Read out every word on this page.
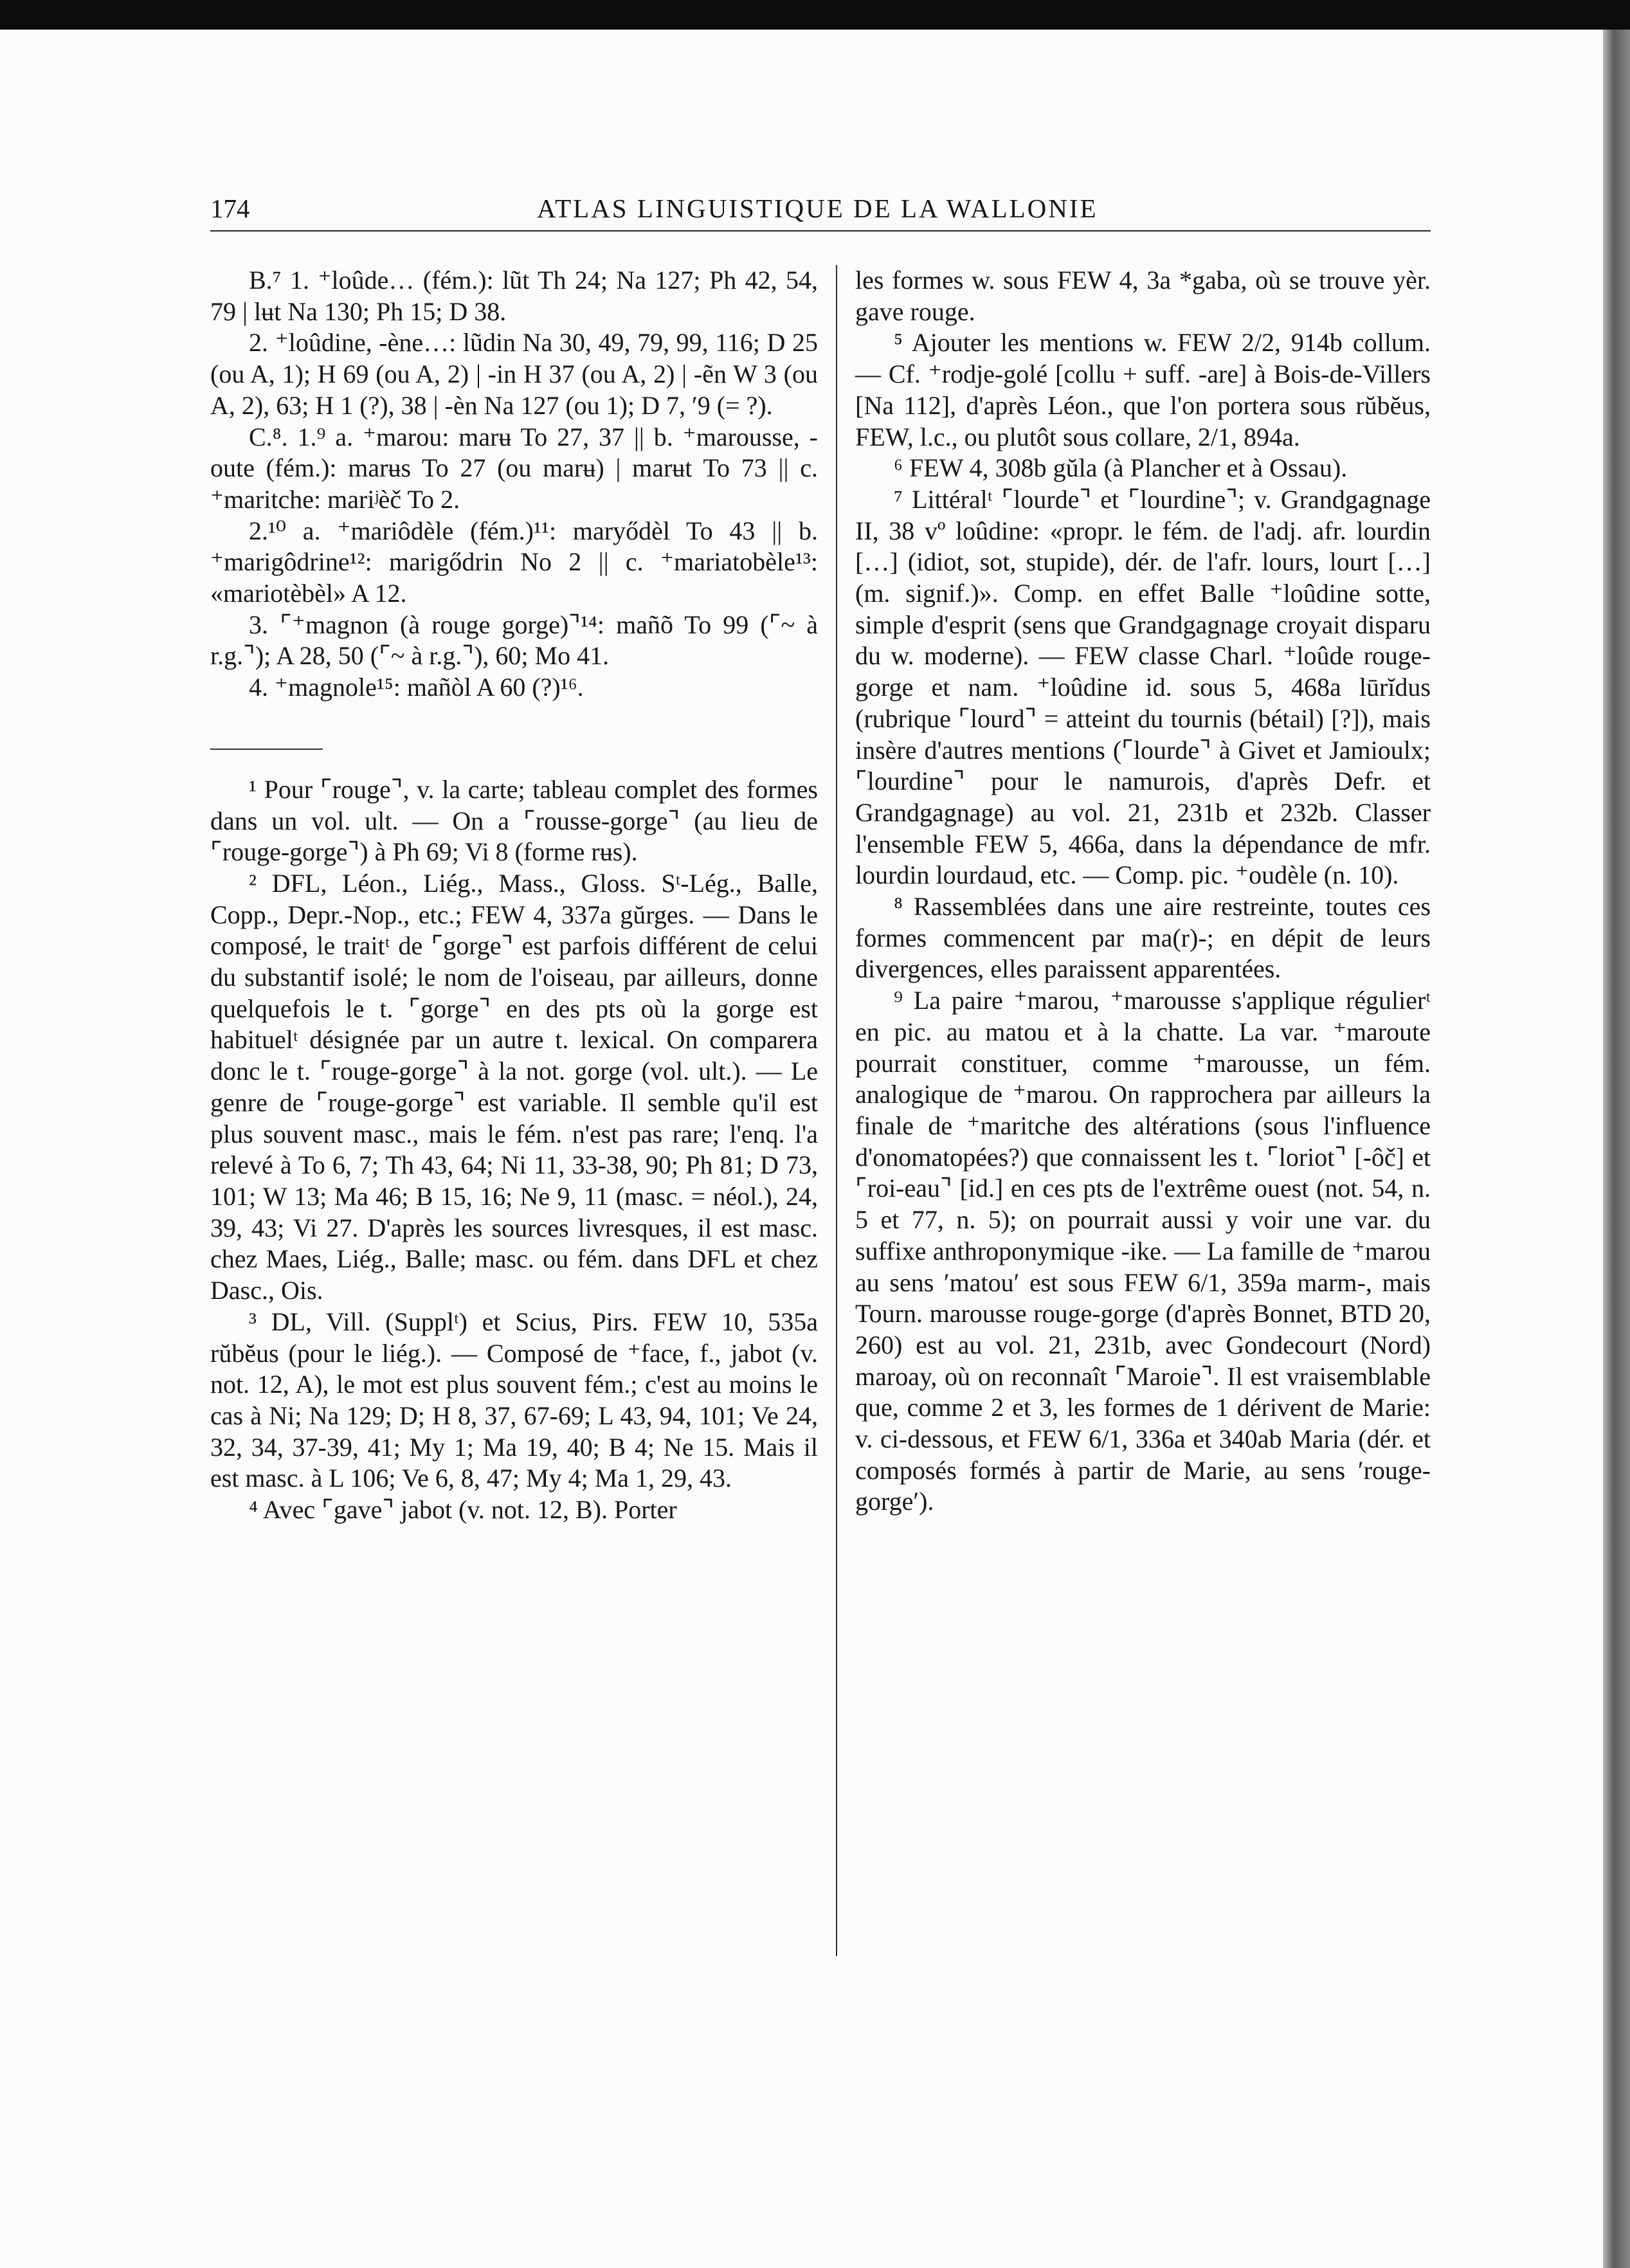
174	ATLAS LINGUISTIQUE DE LA WALLONIE

B.⁷ 1. ⁺loûde… (fém.): lũt Th 24; Na 127; Ph 42, 54, 79 | lʉt Na 130; Ph 15; D 38.

2. ⁺loûdine, -ène…: lũdin Na 30, 49, 79, 99, 116; D 25 (ou A, 1); H 69 (ou A, 2) | -in H 37 (ou A, 2) | -ẽn W 3 (ou A, 2), 63; H 1 (?), 38 | -èn Na 127 (ou 1); D 7, ′9 (= ?).

C.⁸. 1.⁹ a. ⁺marou: marʉ To 27, 37 || b. ⁺marousse, -oute (fém.): marʉs To 27 (ou marʉ) | marʉt To 73 || c. ⁺maritche: mariʲèč To 2.

2.¹⁰ a. ⁺mariôdèle (fém.)¹¹: maryődèl To 43 || b. ⁺marigôdrine¹²: marigődrin No 2 || c. ⁺mariatobèle¹³: «mariotèbèl» A 12.

3. ⌜⁺magnon (à rouge gorge)⌝¹⁴: mañõ To 99 (⌜~ à r.g.⌝); A 28, 50 (⌜~ à r.g.⌝), 60; Mo 41.

4. ⁺magnole¹⁵: mañòl A 60 (?)¹⁶.

¹ Pour ⌜rouge⌝, v. la carte; tableau complet des formes dans un vol. ult. — On a ⌜rousse-gorge⌝ (au lieu de ⌜rouge-gorge⌝) à Ph 69; Vi 8 (forme rʉs).

² DFL, Léon., Liég., Mass., Gloss. Sᵗ-Lég., Balle, Copp., Depr.-Nop., etc.; FEW 4, 337a gŭrges. — Dans le composé, le traitᵗ de ⌜gorge⌝ est parfois différent de celui du substantif isolé; le nom de l'oiseau, par ailleurs, donne quelquefois le t. ⌜gorge⌝ en des pts où la gorge est habituelᵗ désignée par un autre t. lexical. On comparera donc le t. ⌜rouge-gorge⌝ à la not. gorge (vol. ult.). — Le genre de ⌜rouge-gorge⌝ est variable. Il semble qu'il est plus souvent masc., mais le fém. n'est pas rare; l'enq. l'a relevé à To 6, 7; Th 43, 64; Ni 11, 33-38, 90; Ph 81; D 73, 101; W 13; Ma 46; B 15, 16; Ne 9, 11 (masc. = néol.), 24, 39, 43; Vi 27. D'après les sources livresques, il est masc. chez Maes, Liég., Balle; masc. ou fém. dans DFL et chez Dasc., Ois.

³ DL, Vill. (Supplᵗ) et Scius, Pirs. FEW 10, 535a rŭbĕus (pour le liég.). — Composé de ⁺face, f., jabot (v. not. 12, A), le mot est plus souvent fém.; c'est au moins le cas à Ni; Na 129; D; H 8, 37, 67-69; L 43, 94, 101; Ve 24, 32, 34, 37-39, 41; My 1; Ma 19, 40; B 4; Ne 15. Mais il est masc. à L 106; Ve 6, 8, 47; My 4; Ma 1, 29, 43.

⁴ Avec ⌜gave⌝ jabot (v. not. 12, B). Porter

les formes w. sous FEW 4, 3a *gaba, où se trouve yèr. gave rouge.

⁵ Ajouter les mentions w. FEW 2/2, 914b collum. — Cf. ⁺rodje-golé [collu + suff. -are] à Bois-de-Villers [Na 112], d'après Léon., que l'on portera sous rŭbĕus, FEW, l.c., ou plutôt sous collare, 2/1, 894a.

⁶ FEW 4, 308b gŭla (à Plancher et à Ossau).

⁷ Littéralᵗ ⌜lourde⌝ et ⌜lourdine⌝; v. Grandgagnage II, 38 vº loûdine: «propr. le fém. de l'adj. afr. lourdin […] (idiot, sot, stupide), dér. de l'afr. lours, lourt […] (m. signif.)». Comp. en effet Balle ⁺loûdine sotte, simple d'esprit (sens que Grandgagnage croyait disparu du w. moderne). — FEW classe Charl. ⁺loûde rouge-gorge et nam. ⁺loûdine id. sous 5, 468a lūrĭdus (rubrique ⌜lourd⌝ = atteint du tournis (bétail) [?]), mais insère d'autres mentions (⌜lourde⌝ à Givet et Jamioulx; ⌜lourdine⌝ pour le namurois, d'après Defr. et Grandgagnage) au vol. 21, 231b et 232b. Classer l'ensemble FEW 5, 466a, dans la dépendance de mfr. lourdin lourdaud, etc. — Comp. pic. ⁺oudèle (n. 10).

⁸ Rassemblées dans une aire restreinte, toutes ces formes commencent par ma(r)-; en dépit de leurs divergences, elles paraissent apparentées.

⁹ La paire ⁺marou, ⁺marousse s'applique régulierᵗ en pic. au matou et à la chatte. La var. ⁺maroute pourrait constituer, comme ⁺marousse, un fém. analogique de ⁺marou. On rapprochera par ailleurs la finale de ⁺maritche des altérations (sous l'influence d'onomatopées?) que connaissent les t. ⌜loriot⌝ [-ôč] et ⌜roi-eau⌝ [id.] en ces pts de l'extrême ouest (not. 54, n. 5 et 77, n. 5); on pourrait aussi y voir une var. du suffixe anthroponymique -ike. — La famille de ⁺marou au sens ′matou′ est sous FEW 6/1, 359a marm-, mais Tourn. marousse rouge-gorge (d'après Bonnet, BTD 20, 260) est au vol. 21, 231b, avec Gondecourt (Nord) maroay, où on reconnaît ⌜Maroie⌝. Il est vraisemblable que, comme 2 et 3, les formes de 1 dérivent de Marie: v. ci-dessous, et FEW 6/1, 336a et 340ab Maria (dér. et composés formés à partir de Marie, au sens ′rouge-gorge′).
